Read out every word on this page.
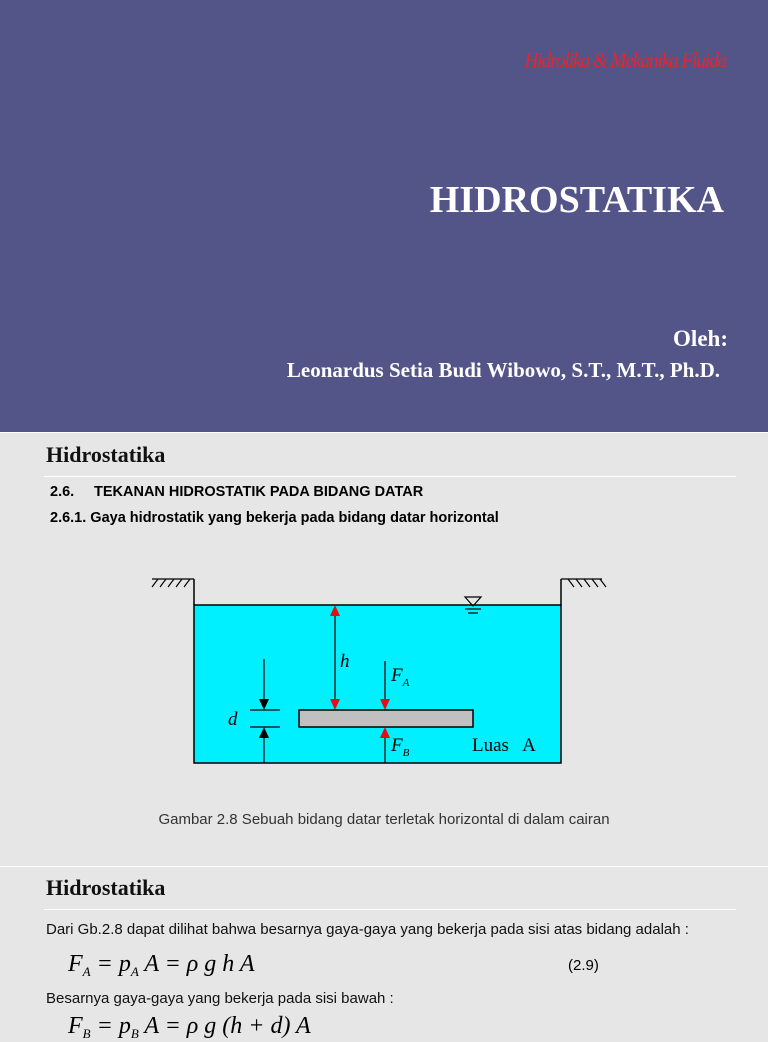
Hidrolika & Mekanika Fluida

HIDROSTATIKA
Oleh:
Leonardus Setia Budi Wibowo, S.T., M.T., Ph.D.
Hidrostatika
2.6. TEKANAN HIDROSTATIK PADA BIDANG DATAR
2.6.1. Gaya hidrostatik yang bekerja pada bidang datar horizontal
h
$F_A$
$F_B$
d
Luas   A
Gambar 2.8 Sebuah bidang datar terletak horizontal di dalam cairan
Hidrostatika
Dari Gb.2.8 dapat dilihat bahwa besarnya gaya-gaya yang bekerja pada sisi atas bidang adalah :
$F_A = p_A$ A = ρ g h A	(2.9)
Besarnya gaya-gaya yang bekerja pada sisi bawah :
$F_B = p_B$ A = ρ g (h + d) A
